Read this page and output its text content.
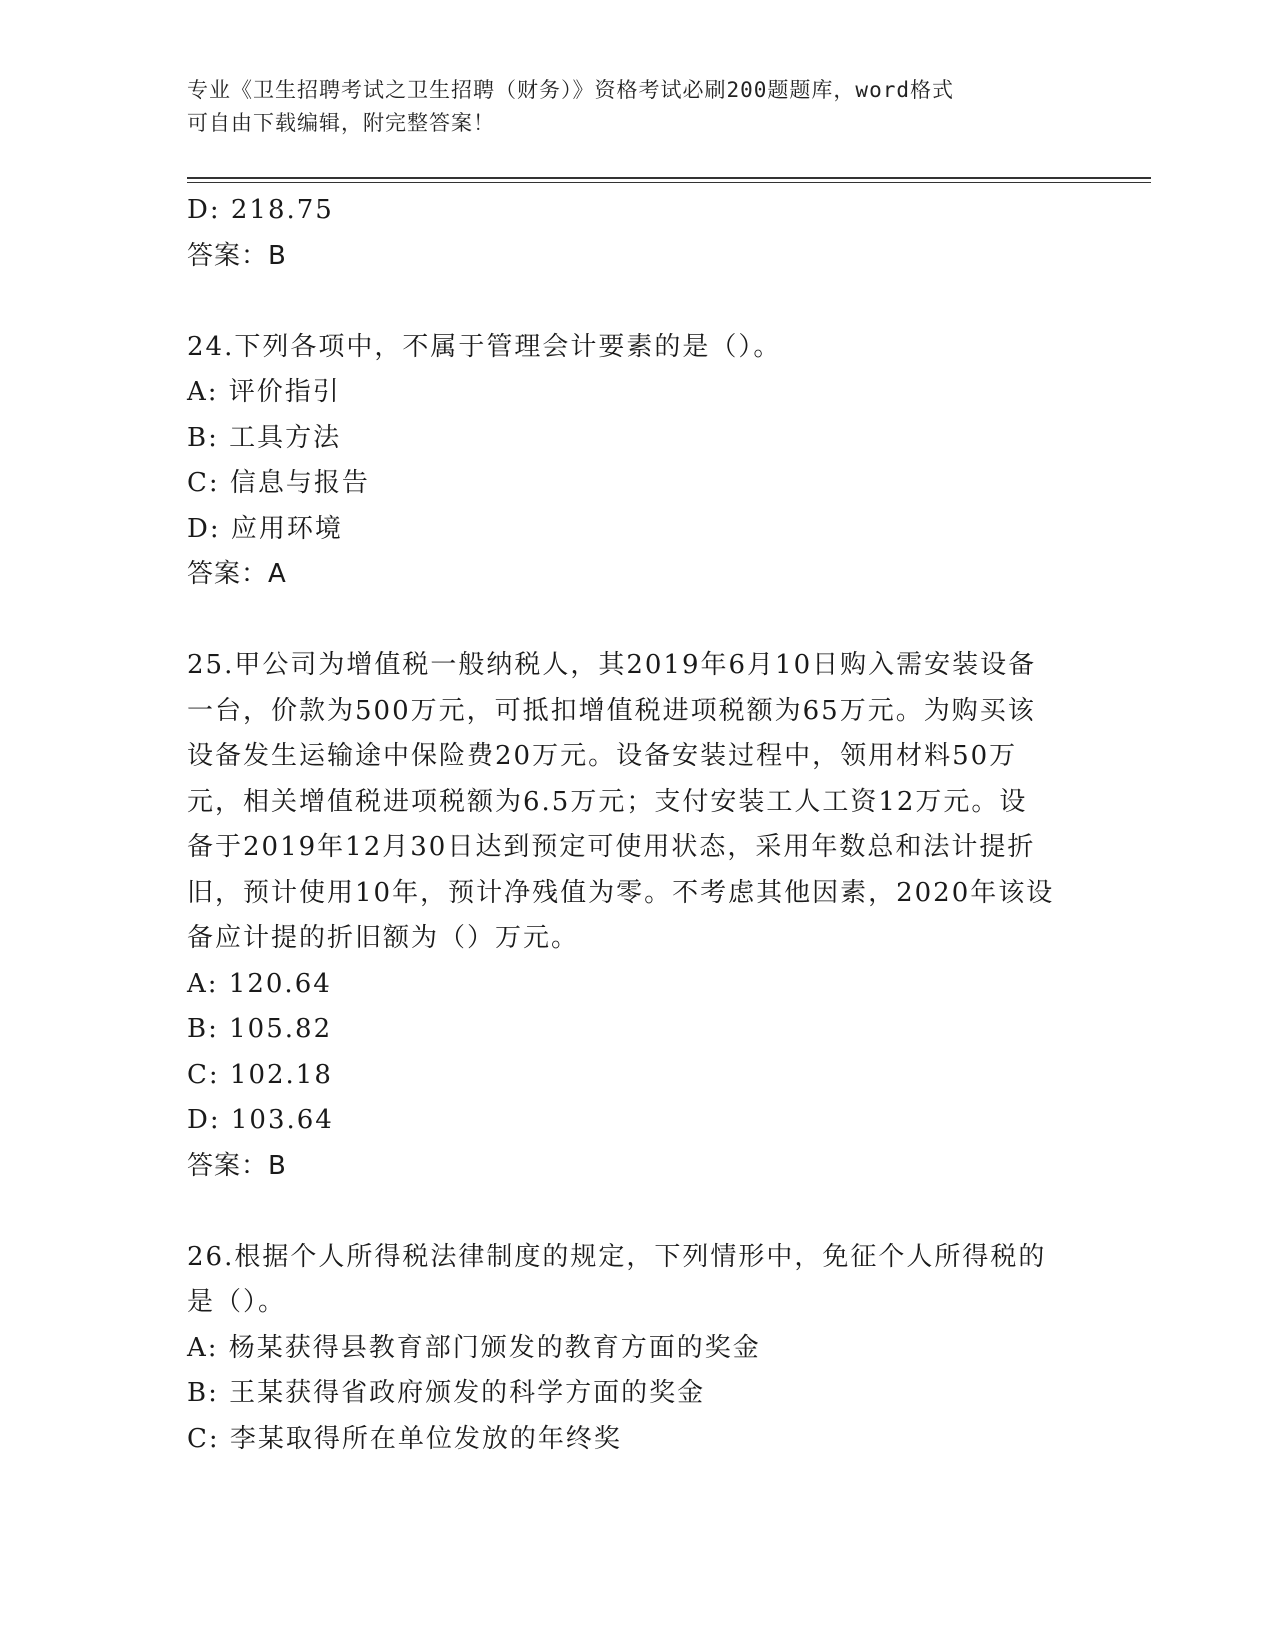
专业《卫生招聘考试之卫生招聘（财务）》资格考试必刷200题题库，word格式
可自由下载编辑，附完整答案！
D: 218.75
答案：B
24.下列各项中，不属于管理会计要素的是（）。
A: 评价指引
B: 工具方法
C: 信息与报告
D: 应用环境
答案：A
25.甲公司为增值税一般纳税人，其2019年6月10日购入需安装设备
一台，价款为500万元，可抵扣增值税进项税额为65万元。为购买该
设备发生运输途中保险费20万元。设备安装过程中，领用材料50万
元，相关增值税进项税额为6.5万元；支付安装工人工资12万元。设
备于2019年12月30日达到预定可使用状态，采用年数总和法计提折
旧，预计使用10年，预计净残值为零。不考虑其他因素，2020年该设
备应计提的折旧额为（）万元。
A: 120.64
B: 105.82
C: 102.18
D: 103.64
答案：B
26.根据个人所得税法律制度的规定，下列情形中，免征个人所得税的
是（）。
A: 杨某获得县教育部门颁发的教育方面的奖金
B: 王某获得省政府颁发的科学方面的奖金
C: 李某取得所在单位发放的年终奖
